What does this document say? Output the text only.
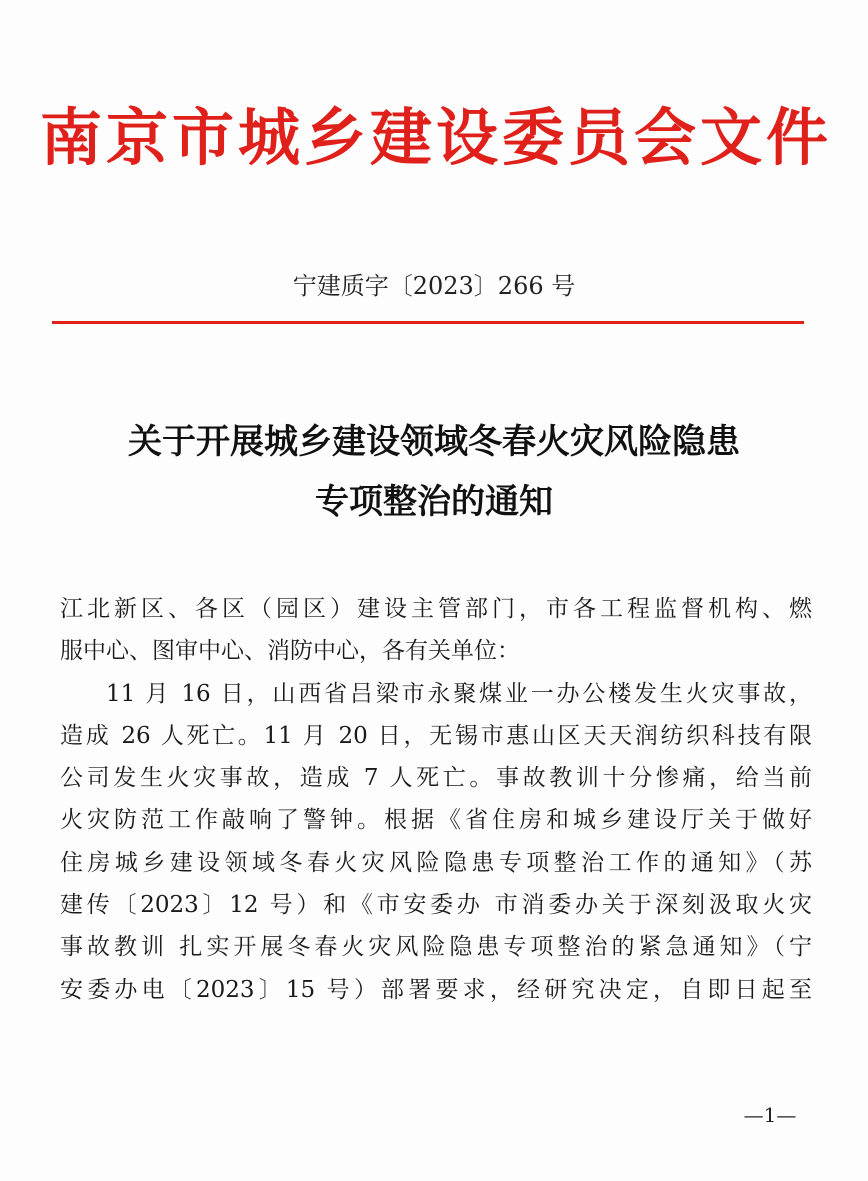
南京市城乡建设委员会文件
宁建质字〔2023〕266 号
关于开展城乡建设领域冬春火灾风险隐患
专项整治的通知
江北新区、各区（园区）建设主管部门，市各工程监督机构、燃
服中心、图审中心、消防中心，各有关单位：
11 月 16 日，山西省吕梁市永聚煤业一办公楼发生火灾事故，
造成 26 人死亡。11 月 20 日，无锡市惠山区天天润纺织科技有限
公司发生火灾事故，造成 7 人死亡。事故教训十分惨痛，给当前
火灾防范工作敲响了警钟。根据《省住房和城乡建设厅关于做好
住房城乡建设领域冬春火灾风险隐患专项整治工作的通知》（苏
建传〔2023〕12 号）和《市安委办 市消委办关于深刻汲取火灾
事故教训 扎实开展冬春火灾风险隐患专项整治的紧急通知》（宁
安委办电〔2023〕15 号）部署要求，经研究决定，自即日起至
—1—
